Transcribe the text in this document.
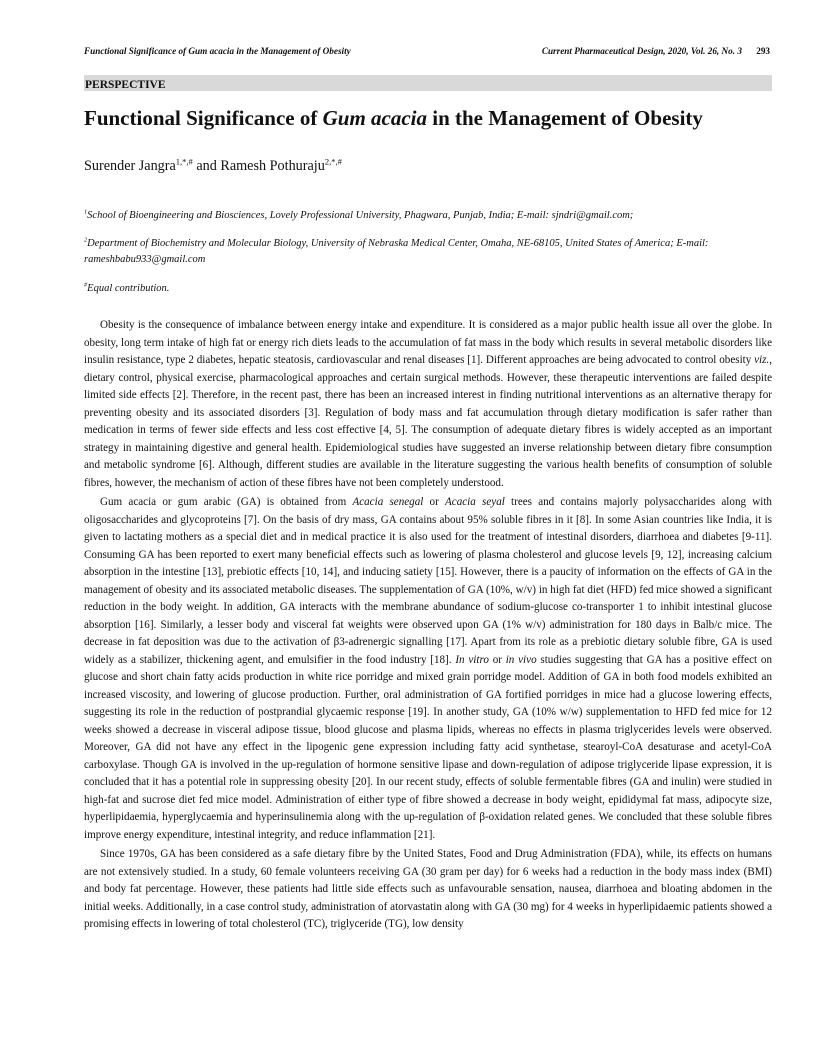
Functional Significance of Gum acacia in the Management of Obesity	Current Pharmaceutical Design, 2020, Vol. 26, No. 3 293
PERSPECTIVE
Functional Significance of Gum acacia in the Management of Obesity
Surender Jangra$^{1,*,\#}$ and Ramesh Pothuraju$^{2,*,\#}$
$^1$School of Bioengineering and Biosciences, Lovely Professional University, Phagwara, Punjab, India; E-mail: sjndri@gmail.com;
$^2$Department of Biochemistry and Molecular Biology, University of Nebraska Medical Center, Omaha, NE-68105, United States of America; E-mail: rameshbabu933@gmail.com
#Equal contribution.

Obesity is the consequence of imbalance between energy intake and expenditure. It is considered as a major public health issue all over the globe. In obesity, long term intake of high fat or energy rich diets leads to the accumulation of fat mass in the body which results in several metabolic disorders like insulin resistance, type 2 diabetes, hepatic steatosis, cardiovascular and renal diseases [1]. Different approaches are being advocated to control obesity viz., dietary control, physical exercise, pharmacological approaches and certain surgical methods. However, these therapeutic interventions are failed despite limited side effects [2]. Therefore, in the recent past, there has been an increased interest in finding nutritional interventions as an alternative therapy for preventing obesity and its associated disorders [3]. Regulation of body mass and fat accumulation through dietary modification is safer rather than medication in terms of fewer side effects and less cost effective [4, 5]. The consumption of adequate dietary fibres is widely accepted as an important strategy in maintaining digestive and general health. Epidemiological studies have suggested an inverse relationship between dietary fibre consumption and metabolic syndrome [6]. Although, different studies are available in the literature suggesting the various health benefits of consumption of soluble fibres, however, the mechanism of action of these fibres have not been completely understood.

Gum acacia or gum arabic (GA) is obtained from Acacia senegal or Acacia seyal trees and contains majorly polysaccharides along with oligosaccharides and glycoproteins [7]. On the basis of dry mass, GA contains about 95% soluble fibres in it [8]. In some Asian countries like India, it is given to lactating mothers as a special diet and in medical practice it is also used for the treatment of intestinal disorders, diarrhoea and diabetes [9-11]. Consuming GA has been reported to exert many beneficial effects such as lowering of plasma cholesterol and glucose levels [9, 12], increasing calcium absorption in the intestine [13], prebiotic effects [10, 14], and inducing satiety [15]. However, there is a paucity of information on the effects of GA in the management of obesity and its associated metabolic diseases. The supplementation of GA (10%, w/v) in high fat diet (HFD) fed mice showed a significant reduction in the body weight. In addition, GA interacts with the membrane abundance of sodium-glucose co-transporter 1 to inhibit intestinal glucose absorption [16]. Similarly, a lesser body and visceral fat weights were observed upon GA (1% w/v) administration for 180 days in Balb/c mice. The decrease in fat deposition was due to the activation of β3-adrenergic signalling [17]. Apart from its role as a prebiotic dietary soluble fibre, GA is used widely as a stabilizer, thickening agent, and emulsifier in the food industry [18]. In vitro or in vivo studies suggesting that GA has a positive effect on glucose and short chain fatty acids production in white rice porridge and mixed grain porridge model. Addition of GA in both food models exhibited an increased viscosity, and lowering of glucose production. Further, oral administration of GA fortified porridges in mice had a glucose lowering effects, suggesting its role in the reduction of postprandial glycaemic response [19]. In another study, GA (10% w/w) supplementation to HFD fed mice for 12 weeks showed a decrease in visceral adipose tissue, blood glucose and plasma lipids, whereas no effects in plasma triglycerides levels were observed. Moreover, GA did not have any effect in the lipogenic gene expression including fatty acid synthetase, stearoyl-CoA desaturase and acetyl-CoA carboxylase. Though GA is involved in the up-regulation of hormone sensitive lipase and down-regulation of adipose triglyceride lipase expression, it is concluded that it has a potential role in suppressing obesity [20]. In our recent study, effects of soluble fermentable fibres (GA and inulin) were studied in high-fat and sucrose diet fed mice model. Administration of either type of fibre showed a decrease in body weight, epididymal fat mass, adipocyte size, hyperlipidaemia, hyperglycaemia and hyperinsulinemia along with the up-regulation of β-oxidation related genes. We concluded that these soluble fibres improve energy expenditure, intestinal integrity, and reduce inflammation [21].

Since 1970s, GA has been considered as a safe dietary fibre by the United States, Food and Drug Administration (FDA), while, its effects on humans are not extensively studied. In a study, 60 female volunteers receiving GA (30 gram per day) for 6 weeks had a reduction in the body mass index (BMI) and body fat percentage. However, these patients had little side effects such as unfavourable sensation, nausea, diarrhoea and bloating abdomen in the initial weeks. Additionally, in a case control study, administration of atorvastatin along with GA (30 mg) for 4 weeks in hyperlipidaemic patients showed a promising effects in lowering of total cholesterol (TC), triglyceride (TG), low density
